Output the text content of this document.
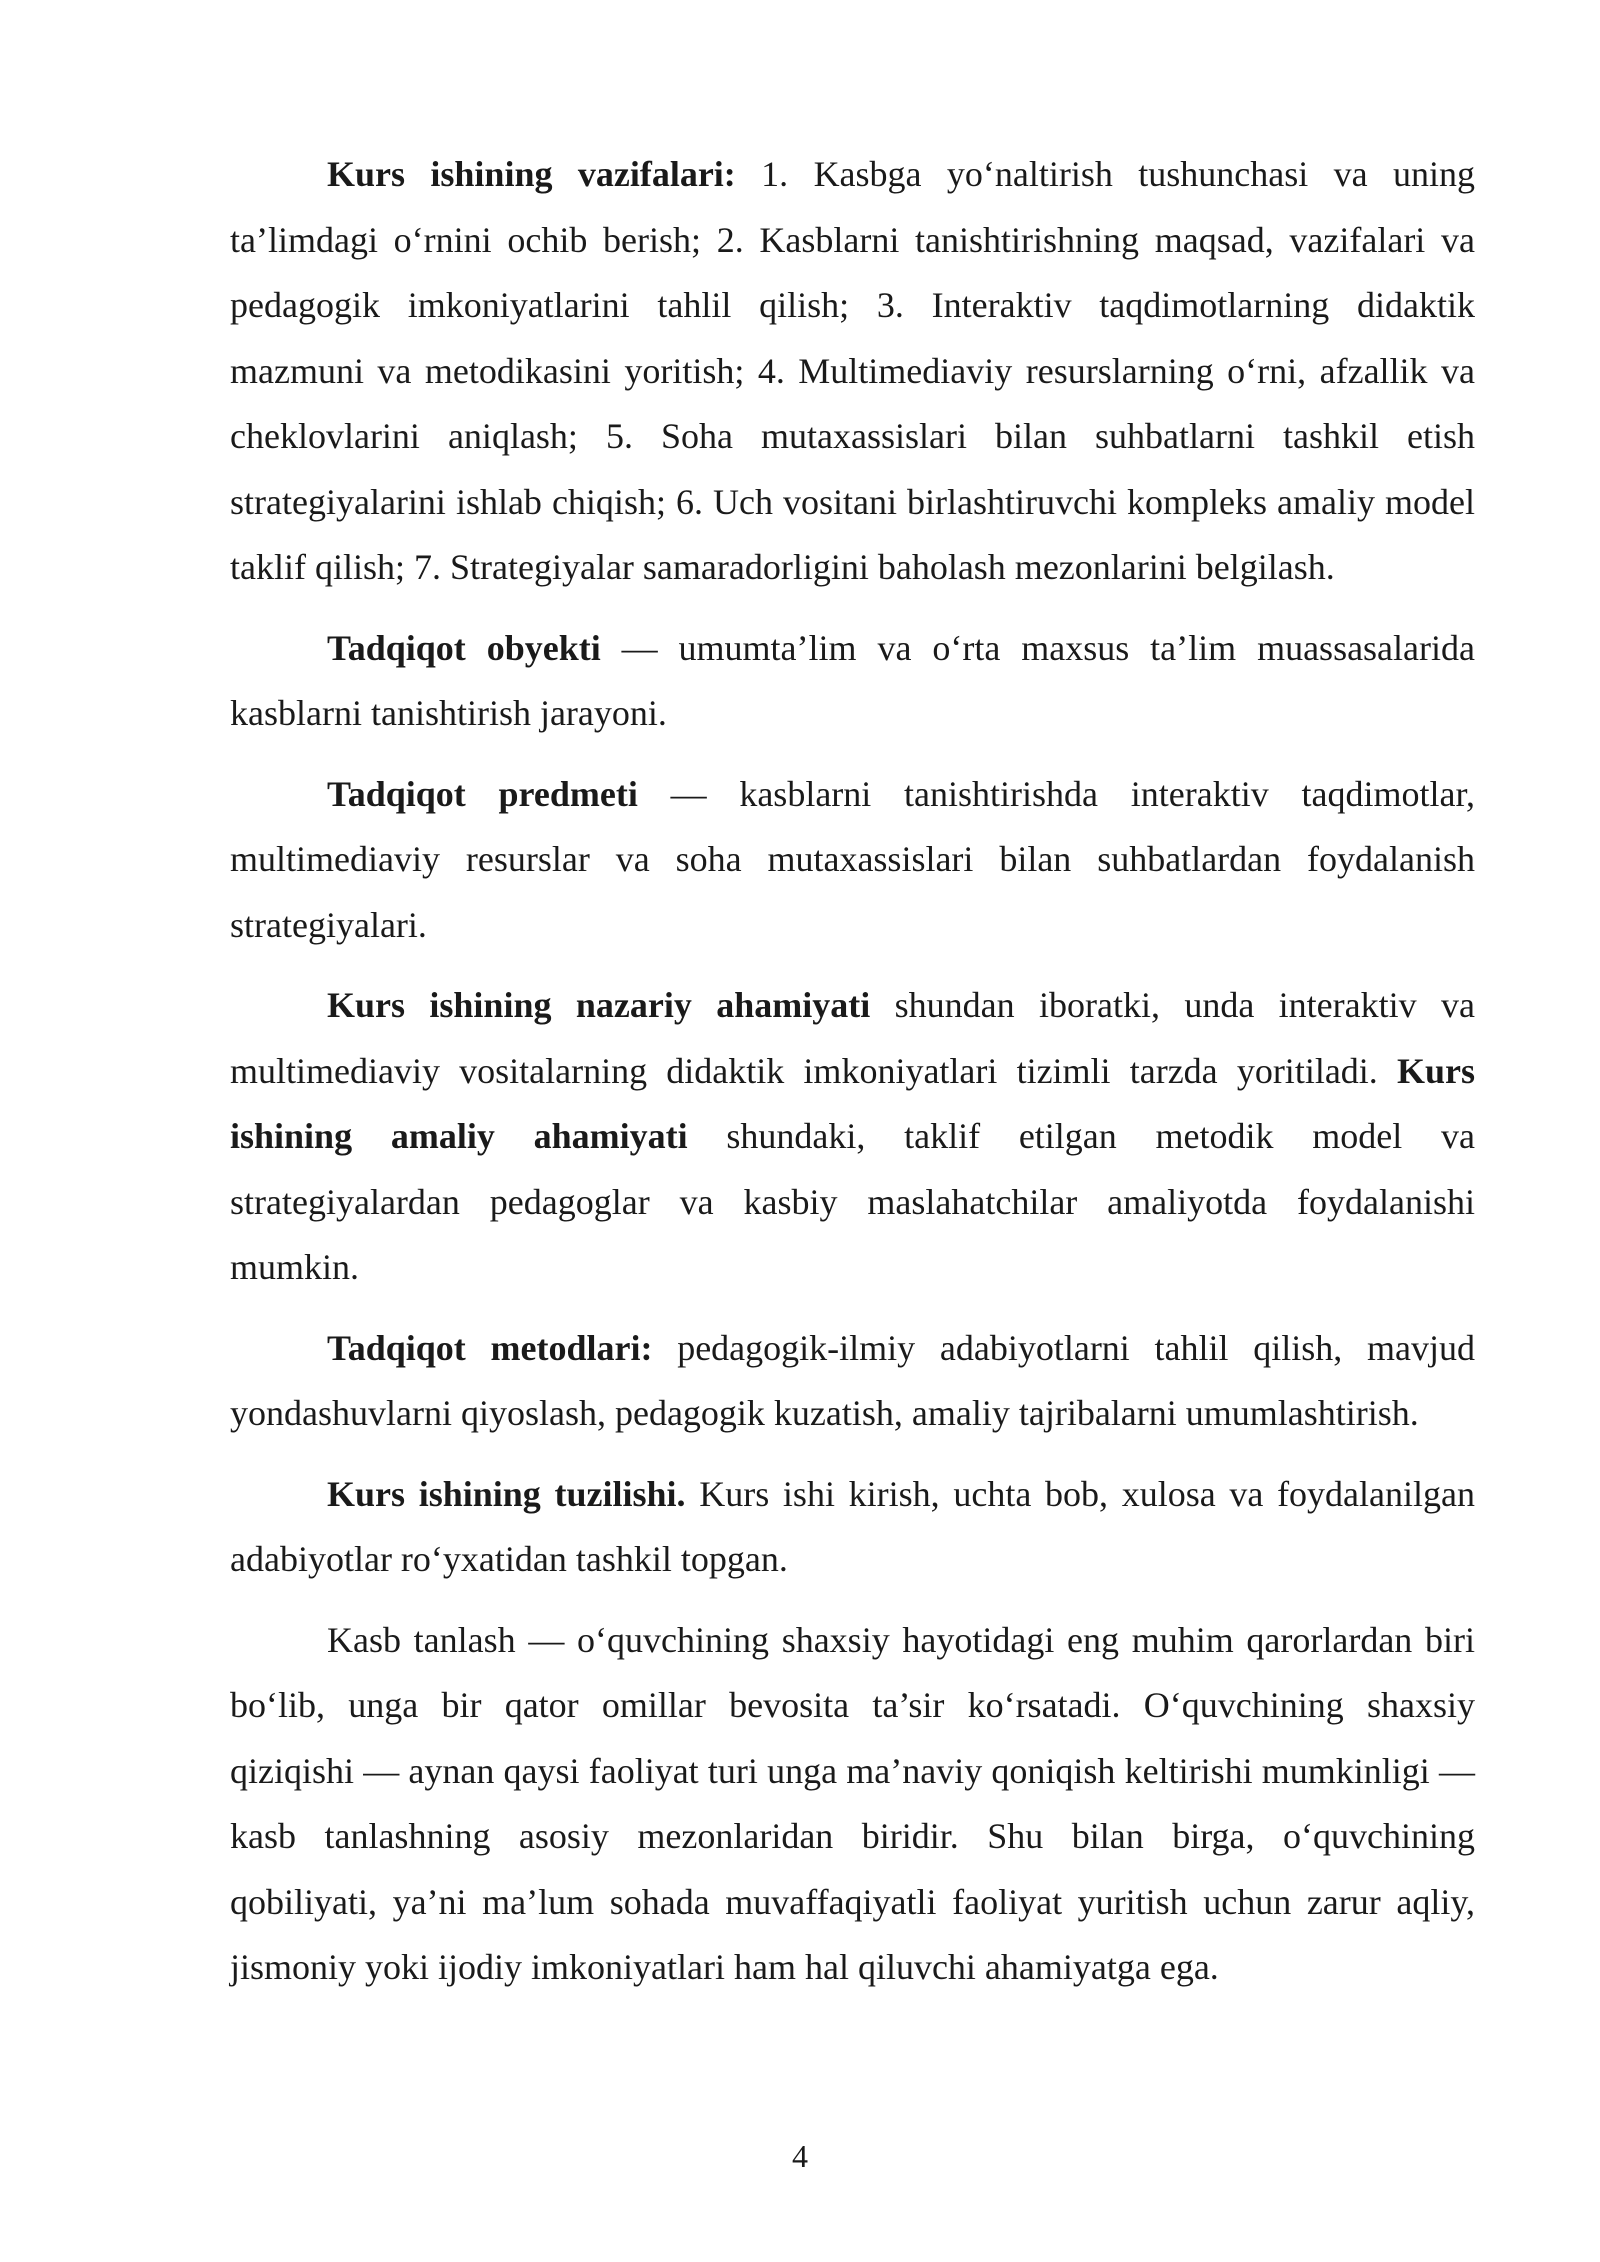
Kurs ishining vazifalari: 1. Kasbga yo‘naltirish tushunchasi va uning ta’limdagi o‘rnini ochib berish; 2. Kasblarni tanishtirishning maqsad, vazifalari va pedagogik imkoniyatlarini tahlil qilish; 3. Interaktiv taqdimotlarning didaktik mazmuni va metodikasini yoritish; 4. Multimediaviy resurslarning o‘rni, afzallik va cheklovlarini aniqlash; 5. Soha mutaxassislari bilan suhbatlarni tashkil etish strategiyalarini ishlab chiqish; 6. Uch vositani birlashtiruvchi kompleks amaliy model taklif qilish; 7. Strategiyalar samaradorligini baholash mezonlarini belgilash.

Tadqiqot obyekti — umumta’lim va o‘rta maxsus ta’lim muassasalarida kasblarni tanishtirish jarayoni.

Tadqiqot predmeti — kasblarni tanishtirishda interaktiv taqdimotlar, multimediaviy resurslar va soha mutaxassislari bilan suhbatlardan foydalanish strategiyalari.

Kurs ishining nazariy ahamiyati shundan iboratki, unda interaktiv va multimediaviy vositalarning didaktik imkoniyatlari tizimli tarzda yoritiladi. Kurs ishining amaliy ahamiyati shundaki, taklif etilgan metodik model va strategiyalardan pedagoglar va kasbiy maslahatchilar amaliyotda foydalanishi mumkin.

Tadqiqot metodlari: pedagogik-ilmiy adabiyotlarni tahlil qilish, mavjud yondashuvlarni qiyoslash, pedagogik kuzatish, amaliy tajribalarni umumlashtirish.

Kurs ishining tuzilishi. Kurs ishi kirish, uchta bob, xulosa va foydalanilgan adabiyotlar ro‘yxatidan tashkil topgan.

Kasb tanlash — o‘quvchining shaxsiy hayotidagi eng muhim qarorlardan biri bo‘lib, unga bir qator omillar bevosita ta’sir ko‘rsatadi. O‘quvchining shaxsiy qiziqishi — aynan qaysi faoliyat turi unga ma’naviy qoniqish keltirishi mumkinligi — kasb tanlashning asosiy mezonlaridan biridir. Shu bilan birga, o‘quvchining qobiliyati, ya’ni ma’lum sohada muvaffaqiyatli faoliyat yuritish uchun zarur aqliy, jismoniy yoki ijodiy imkoniyatlari ham hal qiluvchi ahamiyatga ega.

4
